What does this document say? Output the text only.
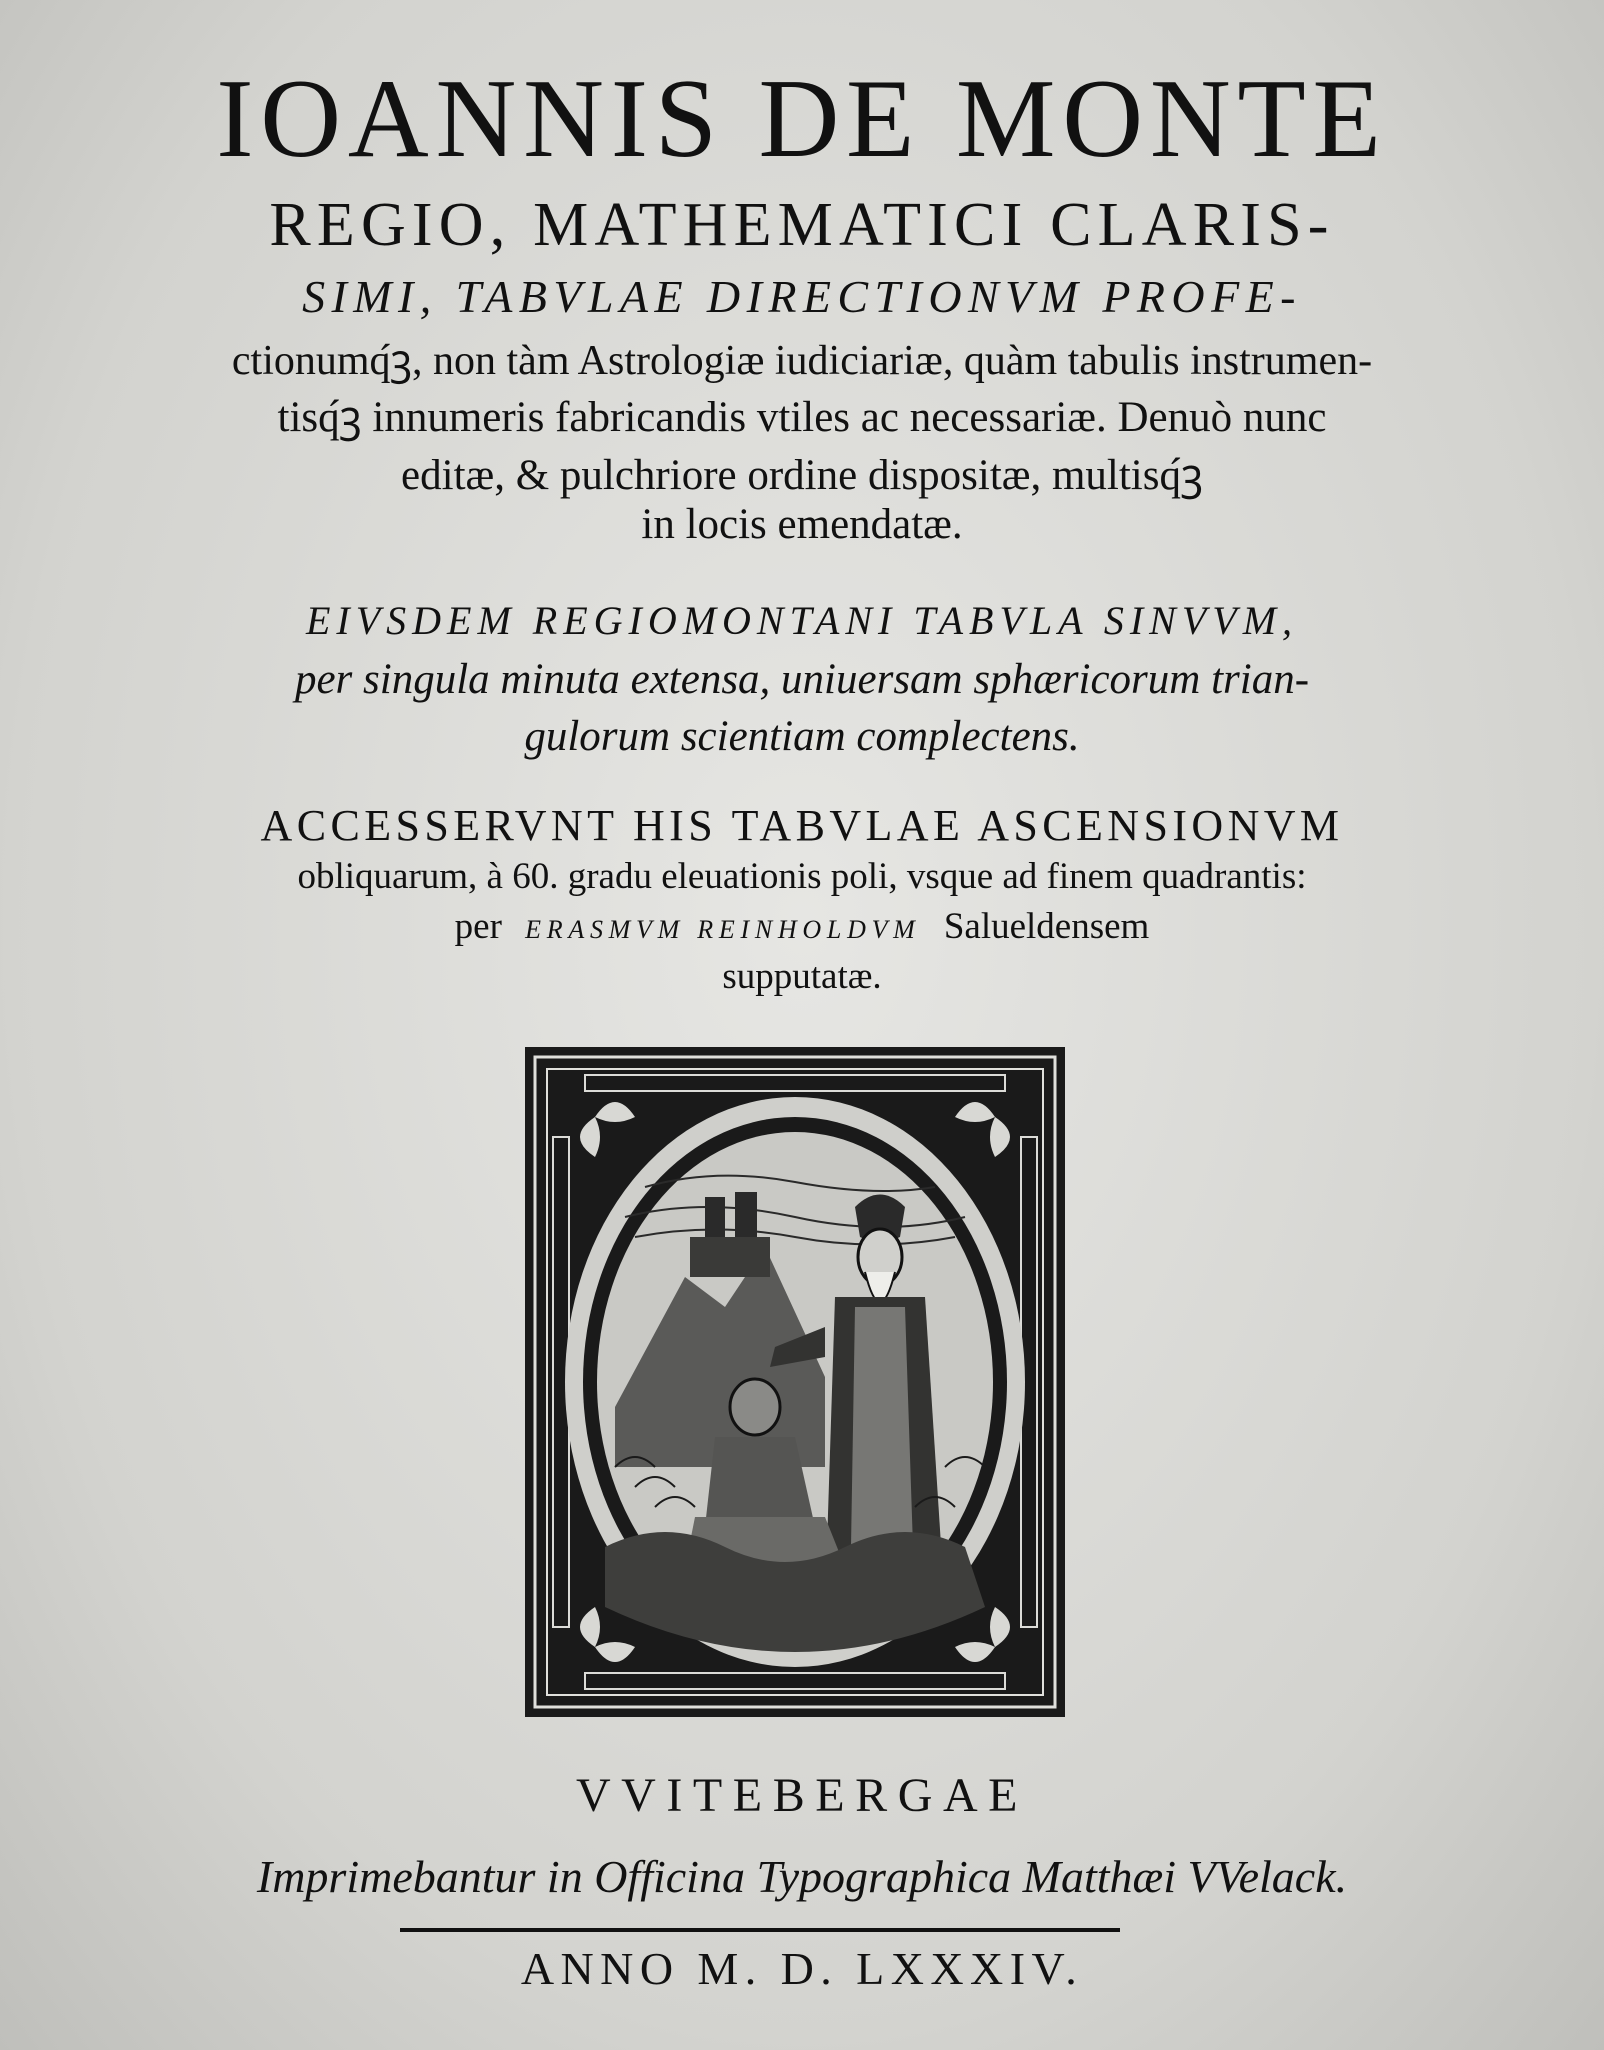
IOANNIS DE MONTE
REGIO, MATHEMATICI CLARIS-
SIMI, TABVLAE DIRECTIONVM PROFE-
ctionumq́ꝫ, non tàm Astrologiæ iudiciariæ, quàm tabulis instrumen-
tisq́ꝫ innumeris fabricandis vtiles ac necessariæ. Denuò nunc
editæ, & pulchriore ordine dispositæ, multisq́ꝫ
in locis emendatæ.
EIVSDEM REGIOMONTANI TABVLA SINVVM,
per singula minuta extensa, uniuersam sphæricorum trian-
gulorum scientiam complectens.
ACCESSERVNT HIS TABVLAE ASCENSIONVM
obliquarum, à 60. gradu eleuationis poli, vsque ad finem quadrantis:
per ERASMVM REINHOLDVM Salueldensem
supputatæ.
VVITEBERGAE
Imprimebantur in Officina Typographica Matthæi VVelack.
ANNO M. D. LXXXIV.
